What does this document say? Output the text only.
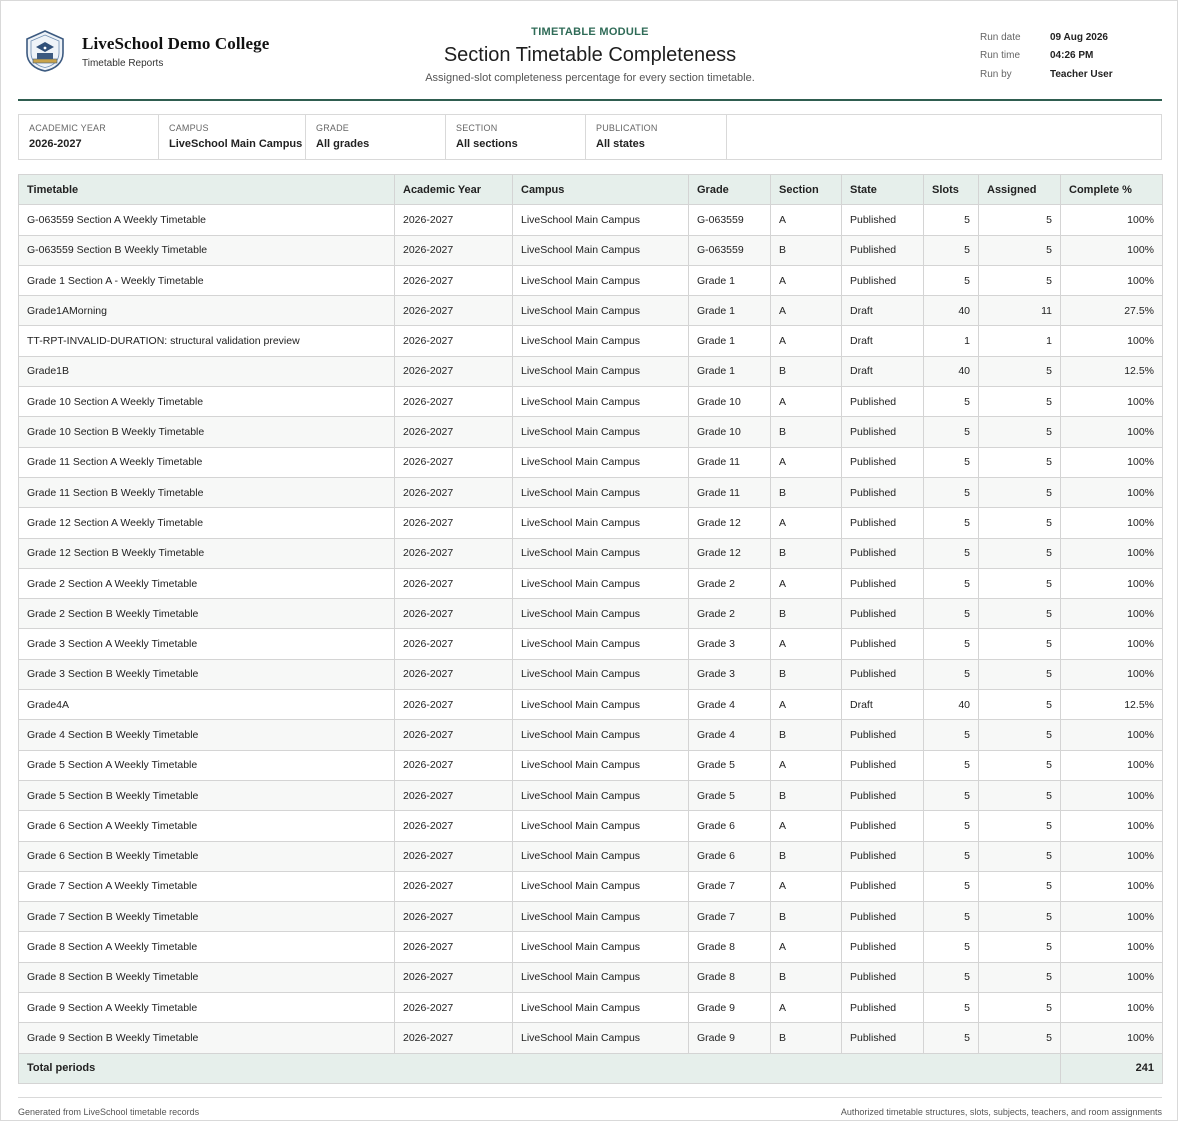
LiveSchool Demo College
Timetable Reports
TIMETABLE MODULE
Section Timetable Completeness
Assigned-slot completeness percentage for every section timetable.
Run date	09 Aug 2026
Run time	04:26 PM
Run by	Teacher User
ACADEMIC YEAR
2026-2027
CAMPUS
LiveSchool Main Campus
GRADE
All grades
SECTION
All sections
PUBLICATION
All states
Timetable	Academic Year	Campus	Grade	Section	State	Slots	Assigned	Complete %
G-063559 Section A Weekly Timetable	2026-2027	LiveSchool Main Campus	G-063559	A	Published	5	5	100%
G-063559 Section B Weekly Timetable	2026-2027	LiveSchool Main Campus	G-063559	B	Published	5	5	100%
Grade 1 Section A - Weekly Timetable	2026-2027	LiveSchool Main Campus	Grade 1	A	Published	5	5	100%
Grade1AMorning	2026-2027	LiveSchool Main Campus	Grade 1	A	Draft	40	11	27.5%
TT-RPT-INVALID-DURATION: structural validation preview	2026-2027	LiveSchool Main Campus	Grade 1	A	Draft	1	1	100%
Grade1B	2026-2027	LiveSchool Main Campus	Grade 1	B	Draft	40	5	12.5%
Grade 10 Section A Weekly Timetable	2026-2027	LiveSchool Main Campus	Grade 10	A	Published	5	5	100%
Grade 10 Section B Weekly Timetable	2026-2027	LiveSchool Main Campus	Grade 10	B	Published	5	5	100%
Grade 11 Section A Weekly Timetable	2026-2027	LiveSchool Main Campus	Grade 11	A	Published	5	5	100%
Grade 11 Section B Weekly Timetable	2026-2027	LiveSchool Main Campus	Grade 11	B	Published	5	5	100%
Grade 12 Section A Weekly Timetable	2026-2027	LiveSchool Main Campus	Grade 12	A	Published	5	5	100%
Grade 12 Section B Weekly Timetable	2026-2027	LiveSchool Main Campus	Grade 12	B	Published	5	5	100%
Grade 2 Section A Weekly Timetable	2026-2027	LiveSchool Main Campus	Grade 2	A	Published	5	5	100%
Grade 2 Section B Weekly Timetable	2026-2027	LiveSchool Main Campus	Grade 2	B	Published	5	5	100%
Grade 3 Section A Weekly Timetable	2026-2027	LiveSchool Main Campus	Grade 3	A	Published	5	5	100%
Grade 3 Section B Weekly Timetable	2026-2027	LiveSchool Main Campus	Grade 3	B	Published	5	5	100%
Grade4A	2026-2027	LiveSchool Main Campus	Grade 4	A	Draft	40	5	12.5%
Grade 4 Section B Weekly Timetable	2026-2027	LiveSchool Main Campus	Grade 4	B	Published	5	5	100%
Grade 5 Section A Weekly Timetable	2026-2027	LiveSchool Main Campus	Grade 5	A	Published	5	5	100%
Grade 5 Section B Weekly Timetable	2026-2027	LiveSchool Main Campus	Grade 5	B	Published	5	5	100%
Grade 6 Section A Weekly Timetable	2026-2027	LiveSchool Main Campus	Grade 6	A	Published	5	5	100%
Grade 6 Section B Weekly Timetable	2026-2027	LiveSchool Main Campus	Grade 6	B	Published	5	5	100%
Grade 7 Section A Weekly Timetable	2026-2027	LiveSchool Main Campus	Grade 7	A	Published	5	5	100%
Grade 7 Section B Weekly Timetable	2026-2027	LiveSchool Main Campus	Grade 7	B	Published	5	5	100%
Grade 8 Section A Weekly Timetable	2026-2027	LiveSchool Main Campus	Grade 8	A	Published	5	5	100%
Grade 8 Section B Weekly Timetable	2026-2027	LiveSchool Main Campus	Grade 8	B	Published	5	5	100%
Grade 9 Section A Weekly Timetable	2026-2027	LiveSchool Main Campus	Grade 9	A	Published	5	5	100%
Grade 9 Section B Weekly Timetable	2026-2027	LiveSchool Main Campus	Grade 9	B	Published	5	5	100%
Total periods								241
Generated from LiveSchool timetable records	Authorized timetable structures, slots, subjects, teachers, and room assignments
